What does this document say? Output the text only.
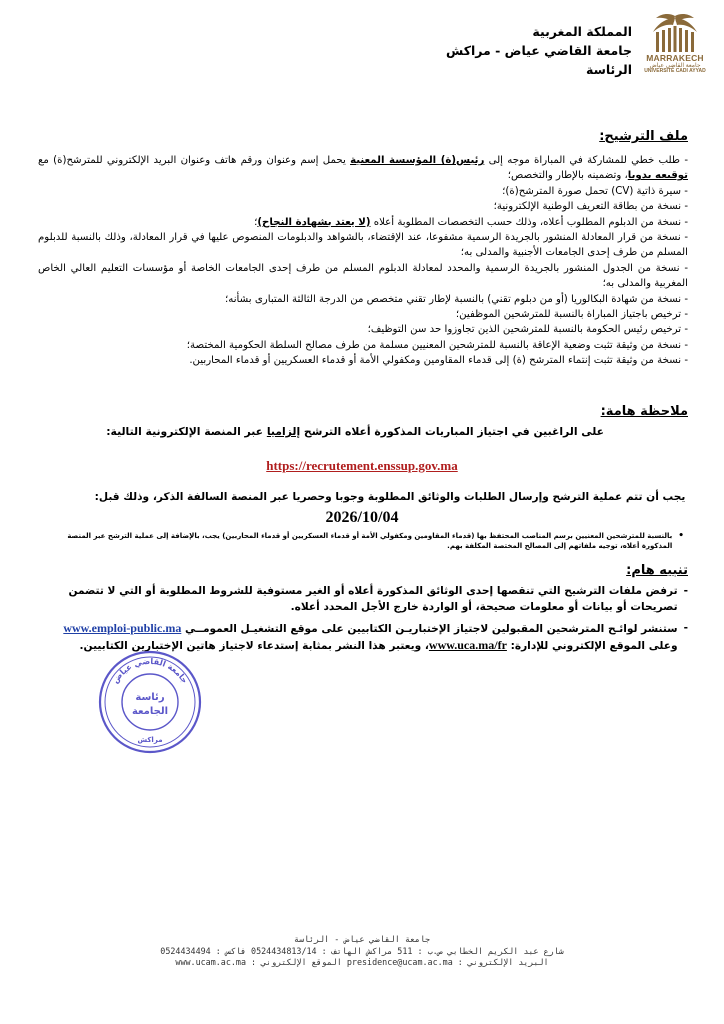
MARRAKECH
جامعة القاضي عياض
UNIVERSITÉ CADI AYYAD
المملكة المغربية
جامعة القاضي عياض - مراكش
الرئاسة
ملف الترشيح:

- طلب خطي للمشاركة في المباراة موجه إلى رئيس(ة) المؤسسة المعنية يحمل إسم وعنوان ورقم هاتف وعنوان البريد الإلكتروني للمترشح(ة) مع توقيعه يدويا، وتضمينه بالإطار والتخصص؛

- سيرة ذاتية (CV) تحمل صورة المترشح(ة)؛

- نسخة من بطاقة التعريف الوطنية الإلكترونية؛

- نسخة من الدبلوم المطلوب أعلاه، وذلك حسب التخصصات المطلوبة أعلاه (لا يعتد بشهادة النجاح)؛

- نسخة من قرار المعادلة المنشور بالجريدة الرسمية مشفوعا، عند الإقتضاء، بالشواهد والدبلومات المنصوص عليها في قرار المعادلة، وذلك بالنسبة للدبلوم المسلم من طرف إحدى الجامعات الأجنبية والمدلى به؛

- نسخة من الجدول المنشور بالجريدة الرسمية والمحدد لمعادلة الدبلوم المسلم من طرف إحدى الجامعات الخاصة أو مؤسسات التعليم العالي الخاص المغربية والمدلى به؛

- نسخة من شهادة البكالوريا (أو من دبلوم تقني) بالنسبة لإطار تقني متخصص من الدرجة الثالثة المتبارى بشأنه؛

- ترخيص باجتياز المباراة بالنسبة للمترشحين الموظفين؛

- ترخيص رئيس الحكومة بالنسبة للمترشحين الذين تجاوزوا حد سن التوظيف؛

- نسخة من وثيقة تثبت وضعية الإعاقة بالنسبة للمترشحين المعنيين مسلمة من طرف مصالح السلطة الحكومية المختصة؛

- نسخة من وثيقة تثبت إنتماء المترشح (ة) إلى قدماء المقاومين ومكفولي الأمة أو قدماء العسكريين أو قدماء المحاربين.

ملاحظة هامة:
على الراغبين في اجتياز المباريات المذكورة أعلاه الترشح إلزاميا عبر المنصة الإلكترونية التالية:
https://recrutement.enssup.gov.ma
يجب أن تتم عملية الترشح وإرسال الطلبات والوثائق المطلوبة وجوبا وحصريا عبر المنصة السالفة الذكر، وذلك قبل:
2026/10/04
•
بالنسبة للمترشحين المعنيين برسم المناصب المحتفظ بها (قدماء المقاومين ومكفولي الأمة أو قدماء العسكريين أو قدماء المحاربين) يجب، بالإضافة إلى عملية الترشح عبر المنصة المذكورة أعلاه، توجيه ملفاتهم إلى المصالح المختصة المكلفة بهم.
تنبيه هام:
-
ترفض ملفات الترشيح التي تنقصها إحدى الوثائق المذكورة أعلاه أو الغير مستوفية للشروط المطلوبة أو التي لا تتضمن تصريحات أو بيانات أو معلومات صحيحة، أو الواردة خارج الأجل المحدد أعلاه.
-
ستنشر لوائـح المترشحين المقبولين لاجتياز الإختباريـن الكتابيين على موقع التشغيـل العمومــي www.emploi-public.ma وعلى الموقع الإلكتروني للإدارة: www.uca.ma/fr، ويعتبر هذا النشر بمثابة إستدعاء لاجتياز هاتين الإختبارين الكتابيين.
جامعة القاضي عياض
رئاسة
الجامعة
مراكش
جامعة القاضي عياض - الرئاسة
شارع عبد الكريم الخطابي ص.ب : 511 مراكش الهاتف : 0524434813/14 فاكس : 0524434494
البريد الإلكتروني : presidence@ucam.ac.ma الموقع الإلكتروني : www.ucam.ac.ma
